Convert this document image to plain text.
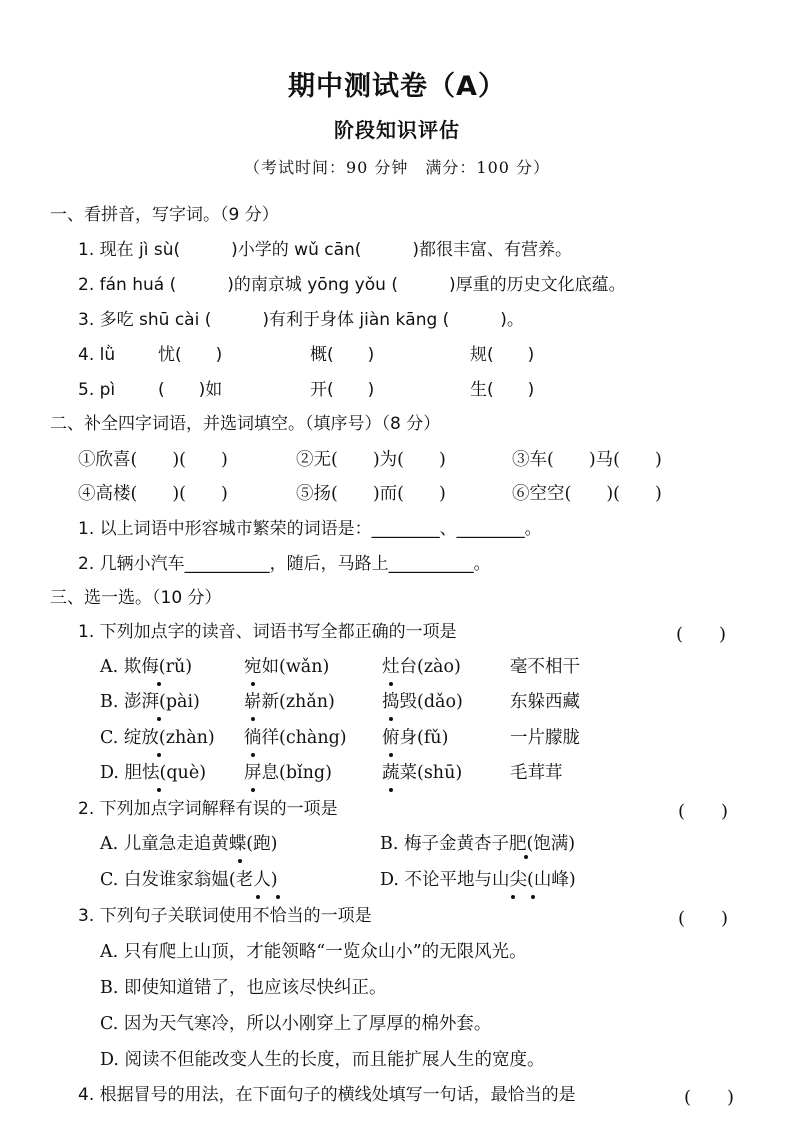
期中测试卷（A）
阶段知识评估
（考试时间：90 分钟　满分：100 分）
一、看拼音，写字词。（9 分）
1. 现在 jì sù(　　　)小学的 wǔ cān(　　　)都很丰富、有营养。
2. fán huá (　　　)的南京城 yōng yǒu (　　　)厚重的历史文化底蕴。
3. 多吃 shū cài (　　　)有利于身体 jiàn kāng (　　　)。
4. lǜ	忧(　　)	概(　　)	规(　　)
5. pì	(　　)如	开(　　)	生(　　)
二、补全四字词语，并选词填空。（填序号）（8 分）
①欣喜(　　)(　　)	②无(　　)为(　　)	③车(　　)马(　　)
④高楼(　　)(　　)	⑤扬(　　)而(　　)	⑥空空(　　)(　　)
1. 以上词语中形容城市繁荣的词语是：________、________。
2. 几辆小汽车__________，随后，马路上__________。
三、选一选。（10 分）
1. 下列加点字的读音、词语书写全都正确的一项是	(　　)
A. 欺侮(rǔ)	宛如(wǎn)	灶台(zào)	毫不相干
B. 澎湃(pài)	崭新(zhǎn)	捣毁(dǎo)	东躲西藏
C. 绽放(zhàn) 徜徉(chàng) 俯身(fǔ)	一片朦胧
D. 胆怯(què) 屏息(bǐng)	蔬菜(shū)	毛茸茸
2. 下列加点字词解释有误的一项是	(　　)
A. 儿童急走追黄蝶(跑)	B. 梅子金黄杏子肥(饱满)
C. 白发谁家翁媪(老人)	D. 不论平地与山尖(山峰)
3. 下列句子关联词使用不恰当的一项是	(　　)
A. 只有爬上山顶，才能领略“一览众山小”的无限风光。
B. 即使知道错了，也应该尽快纠正。
C. 因为天气寒冷，所以小刚穿上了厚厚的棉外套。
D. 阅读不但能改变人生的长度，而且能扩展人生的宽度。
4. 根据冒号的用法，在下面句子的横线处填写一句话，最恰当的是	(　　)
